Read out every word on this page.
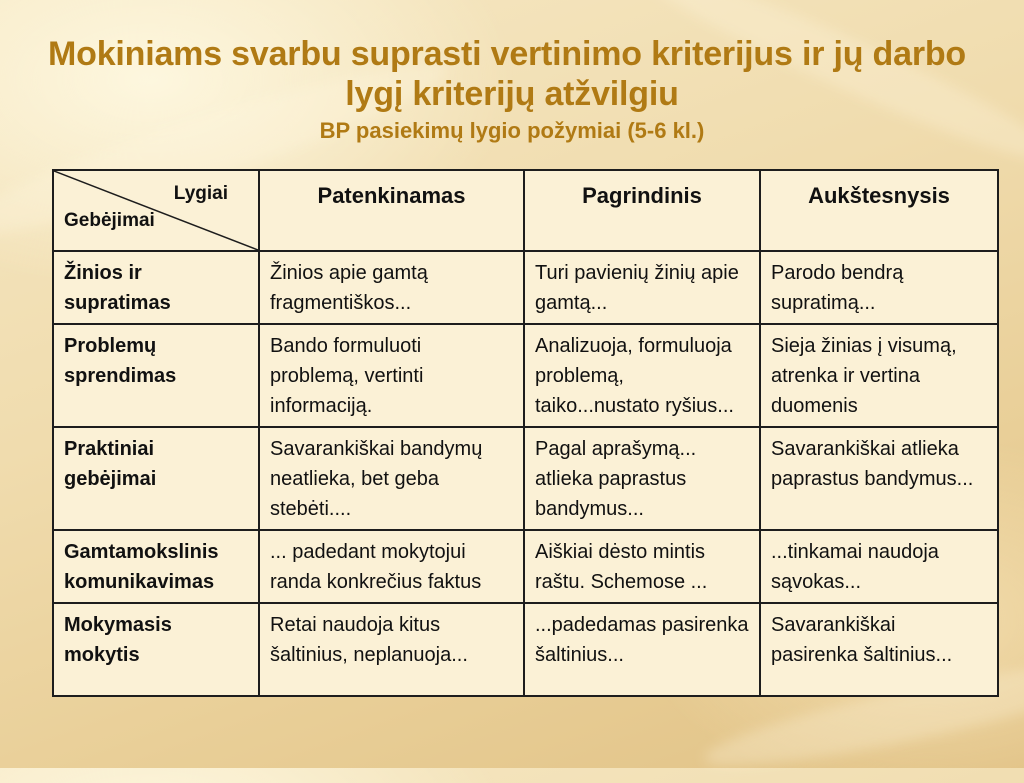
Mokiniams svarbu suprasti vertinimo kriterijus ir jų darbo
lygį kriterijų atžvilgiu
BP pasiekimų lygio požymiai (5-6 kl.)
Lygiai
Gebėjimai	Patenkinamas	Pagrindinis	Aukštesnysis
Žinios ir supratimas	Žinios apie gamtą fragmentiškos...	Turi pavienių žinių apie gamtą...	Parodo bendrą supratimą...
Problemų sprendimas	Bando formuluoti problemą, vertinti informaciją.	Analizuoja, formuluoja problemą, taiko...nustato ryšius...	Sieja žinias į visumą, atrenka ir vertina duomenis
Praktiniai gebėjimai	Savarankiškai bandymų neatlieka, bet geba stebėti....	Pagal aprašymą... atlieka paprastus bandymus...	Savarankiškai atlieka paprastus bandymus...
Gamtamokslinis komunikavimas	... padedant mokytojui randa konkrečius faktus	Aiškiai dėsto mintis raštu. Schemose ...	...tinkamai naudoja sąvokas...
Mokymasis mokytis	Retai naudoja kitus šaltinius, neplanuoja...	...padedamas pasirenka šaltinius...	Savarankiškai pasirenka šaltinius...
